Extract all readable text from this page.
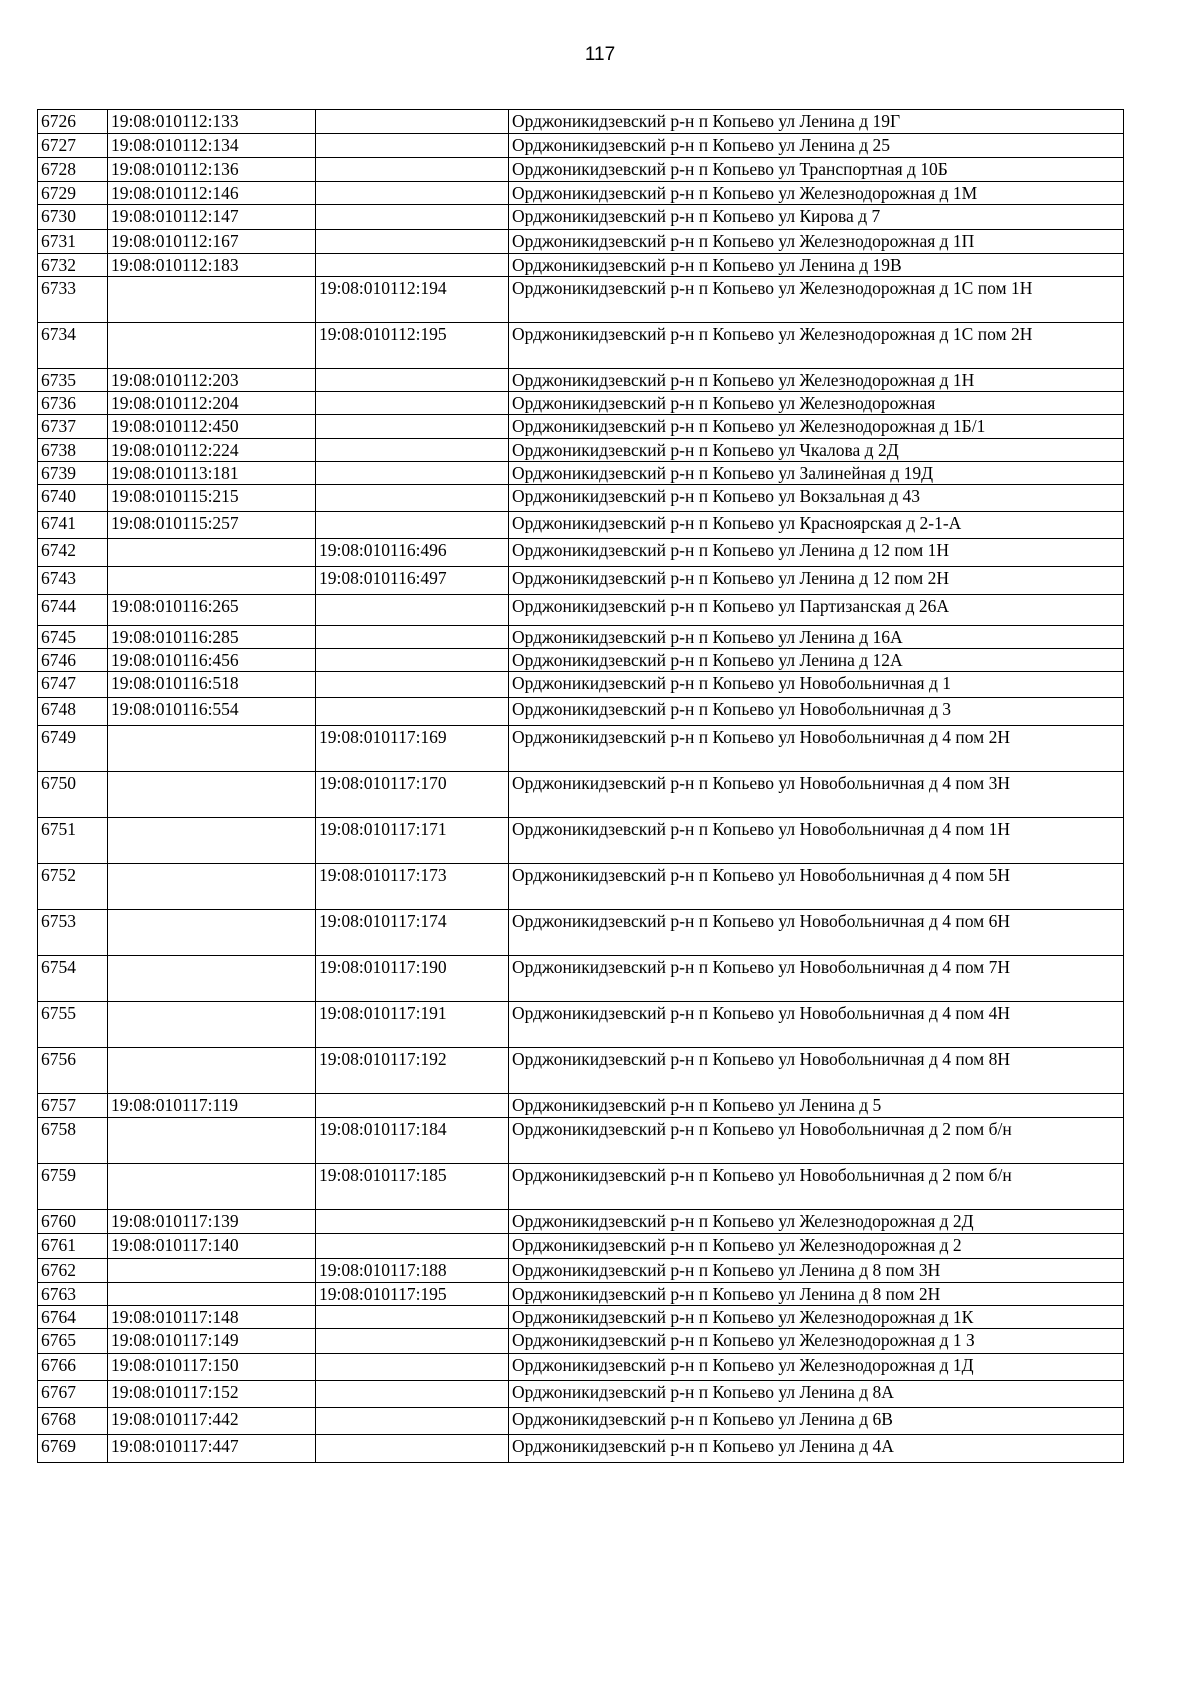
117
6726	19:08:010112:133		Орджоникидзевский р-н п Копьево ул Ленина д 19Г
6727	19:08:010112:134		Орджоникидзевский р-н п Копьево ул Ленина д 25
6728	19:08:010112:136		Орджоникидзевский р-н п Копьево ул Транспортная д 10Б
6729	19:08:010112:146		Орджоникидзевский р-н п Копьево ул Железнодорожная д 1М
6730	19:08:010112:147		Орджоникидзевский р-н п Копьево ул Кирова д 7
6731	19:08:010112:167		Орджоникидзевский р-н п Копьево ул Железнодорожная д 1П
6732	19:08:010112:183		Орджоникидзевский р-н п Копьево ул Ленина д 19В
6733		19:08:010112:194	Орджоникидзевский р-н п Копьево ул Железнодорожная д 1С пом 1Н
6734		19:08:010112:195	Орджоникидзевский р-н п Копьево ул Железнодорожная д 1С пом 2Н
6735	19:08:010112:203		Орджоникидзевский р-н п Копьево ул Железнодорожная д 1Н
6736	19:08:010112:204		Орджоникидзевский р-н п Копьево ул Железнодорожная
6737	19:08:010112:450		Орджоникидзевский р-н п Копьево ул Железнодорожная д 1Б/1
6738	19:08:010112:224		Орджоникидзевский р-н п Копьево ул Чкалова д 2Д
6739	19:08:010113:181		Орджоникидзевский р-н п Копьево ул Залинейная д 19Д
6740	19:08:010115:215		Орджоникидзевский р-н п Копьево ул Вокзальная д 43
6741	19:08:010115:257		Орджоникидзевский р-н п Копьево ул Красноярская д 2-1-А
6742		19:08:010116:496	Орджоникидзевский р-н п Копьево ул Ленина д 12 пом 1Н
6743		19:08:010116:497	Орджоникидзевский р-н п Копьево ул Ленина д 12 пом 2Н
6744	19:08:010116:265		Орджоникидзевский р-н п Копьево ул Партизанская д 26А
6745	19:08:010116:285		Орджоникидзевский р-н п Копьево ул Ленина д 16А
6746	19:08:010116:456		Орджоникидзевский р-н п Копьево ул Ленина д 12А
6747	19:08:010116:518		Орджоникидзевский р-н п Копьево ул Новобольничная д 1
6748	19:08:010116:554		Орджоникидзевский р-н п Копьево ул Новобольничная д 3
6749		19:08:010117:169	Орджоникидзевский р-н п Копьево ул Новобольничная д 4 пом 2Н
6750		19:08:010117:170	Орджоникидзевский р-н п Копьево ул Новобольничная д 4 пом 3Н
6751		19:08:010117:171	Орджоникидзевский р-н п Копьево ул Новобольничная д 4 пом 1Н
6752		19:08:010117:173	Орджоникидзевский р-н п Копьево ул Новобольничная д 4 пом 5Н
6753		19:08:010117:174	Орджоникидзевский р-н п Копьево ул Новобольничная д 4 пом 6Н
6754		19:08:010117:190	Орджоникидзевский р-н п Копьево ул Новобольничная д 4 пом 7Н
6755		19:08:010117:191	Орджоникидзевский р-н п Копьево ул Новобольничная д 4 пом 4Н
6756		19:08:010117:192	Орджоникидзевский р-н п Копьево ул Новобольничная д 4 пом 8Н
6757	19:08:010117:119		Орджоникидзевский р-н п Копьево ул Ленина д 5
6758		19:08:010117:184	Орджоникидзевский р-н п Копьево ул Новобольничная д 2 пом б/н
6759		19:08:010117:185	Орджоникидзевский р-н п Копьево ул Новобольничная д 2 пом б/н
6760	19:08:010117:139		Орджоникидзевский р-н п Копьево ул Железнодорожная д 2Д
6761	19:08:010117:140		Орджоникидзевский р-н п Копьево ул Железнодорожная д 2
6762		19:08:010117:188	Орджоникидзевский р-н п Копьево ул Ленина д 8 пом 3Н
6763		19:08:010117:195	Орджоникидзевский р-н п Копьево ул Ленина д 8 пом 2Н
6764	19:08:010117:148		Орджоникидзевский р-н п Копьево ул Железнодорожная д 1К
6765	19:08:010117:149		Орджоникидзевский р-н п Копьево ул Железнодорожная д 1 З
6766	19:08:010117:150		Орджоникидзевский р-н п Копьево ул Железнодорожная д 1Д
6767	19:08:010117:152		Орджоникидзевский р-н п Копьево ул Ленина д 8А
6768	19:08:010117:442		Орджоникидзевский р-н п Копьево ул Ленина д 6В
6769	19:08:010117:447		Орджоникидзевский р-н п Копьево ул Ленина д 4А
